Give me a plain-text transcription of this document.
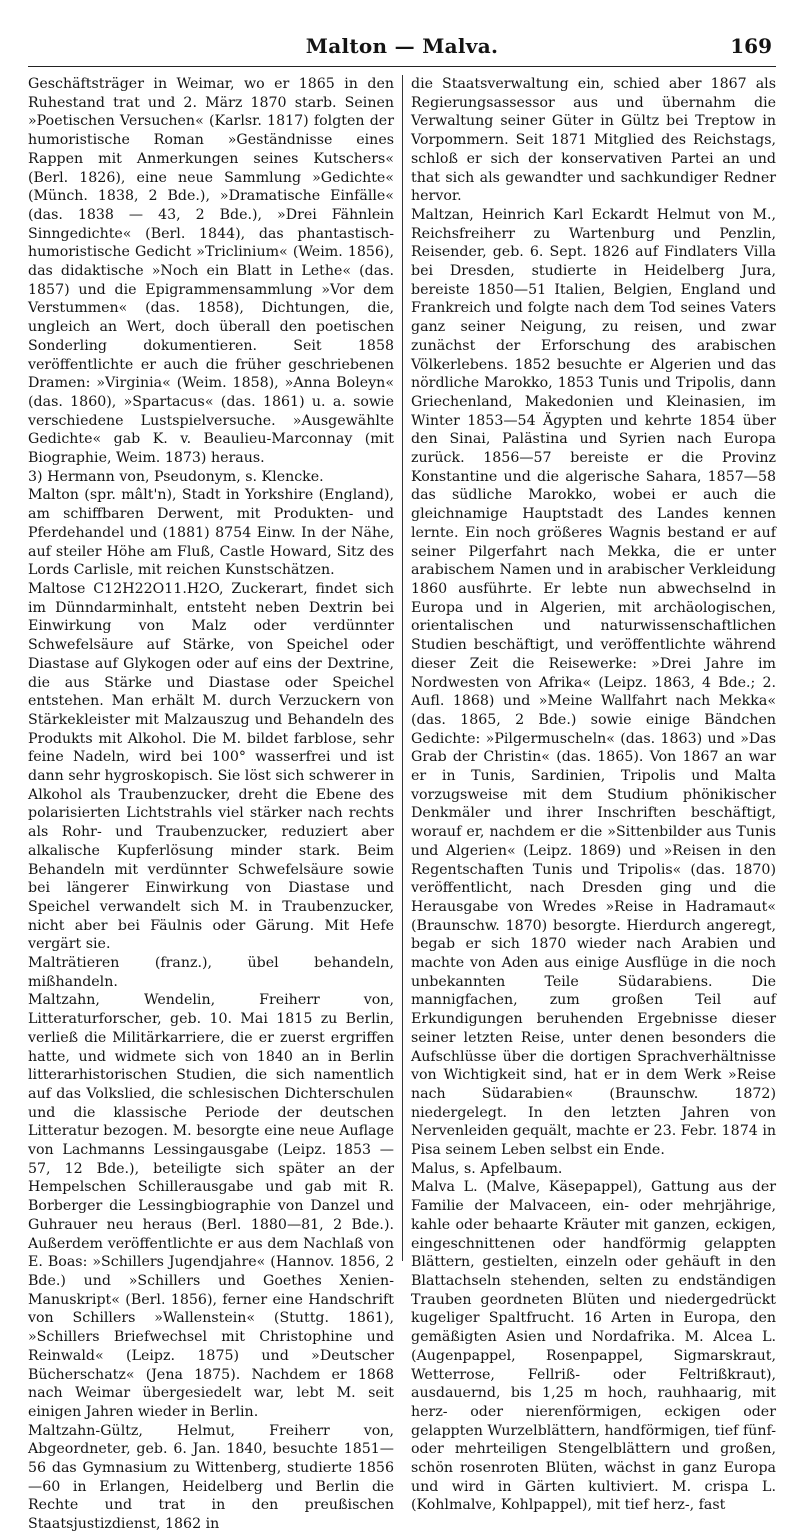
Malton — Malva.	169

Geschäftsträger in Weimar, wo er 1865 in den Ruhestand trat und 2. März 1870 starb. Seinen »Poetischen Versuchen« (Karlsr. 1817) folgten der humoristische Roman »Geständnisse eines Rappen mit Anmerkungen seines Kutschers« (Berl. 1826), eine neue Sammlung »Gedichte« (Münch. 1838, 2 Bde.), »Dramatische Einfälle« (das. 1838 — 43, 2 Bde.), »Drei Fähnlein Sinngedichte« (Berl. 1844), das phantastisch-humoristische Gedicht »Triclinium« (Weim. 1856), das didaktische »Noch ein Blatt in Lethe« (das. 1857) und die Epigrammensammlung »Vor dem Verstummen« (das. 1858), Dichtungen, die, ungleich an Wert, doch überall den poetischen Sonderling dokumentieren. Seit 1858 veröffentlichte er auch die früher geschriebenen Dramen: »Virginia« (Weim. 1858), »Anna Boleyn« (das. 1860), »Spartacus« (das. 1861) u. a. sowie verschiedene Lustspielversuche. »Ausgewählte Gedichte« gab K. v. Beaulieu-Marconnay (mit Biographie, Weim. 1873) heraus.

3) Hermann von, Pseudonym, s. Klencke.

Malton (spr. mâlt'n), Stadt in Yorkshire (England), am schiffbaren Derwent, mit Produkten- und Pferdehandel und (1881) 8754 Einw. In der Nähe, auf steiler Höhe am Fluß, Castle Howard, Sitz des Lords Carlisle, mit reichen Kunstschätzen.

Maltose C12H22O11.H2O, Zuckerart, findet sich im Dünndarminhalt, entsteht neben Dextrin bei Einwirkung von Malz oder verdünnter Schwefelsäure auf Stärke, von Speichel oder Diastase auf Glykogen oder auf eins der Dextrine, die aus Stärke und Diastase oder Speichel entstehen. Man erhält M. durch Verzuckern von Stärkekleister mit Malzauszug und Behandeln des Produkts mit Alkohol. Die M. bildet farblose, sehr feine Nadeln, wird bei 100° wasserfrei und ist dann sehr hygroskopisch. Sie löst sich schwerer in Alkohol als Traubenzucker, dreht die Ebene des polarisierten Lichtstrahls viel stärker nach rechts als Rohr- und Traubenzucker, reduziert aber alkalische Kupferlösung minder stark. Beim Behandeln mit verdünnter Schwefelsäure sowie bei längerer Einwirkung von Diastase und Speichel verwandelt sich M. in Traubenzucker, nicht aber bei Fäulnis oder Gärung. Mit Hefe vergärt sie.

Malträtieren (franz.), übel behandeln, mißhandeln.

Maltzahn, Wendelin, Freiherr von, Litteraturforscher, geb. 10. Mai 1815 zu Berlin, verließ die Militärkarriere, die er zuerst ergriffen hatte, und widmete sich von 1840 an in Berlin litterarhistorischen Studien, die sich namentlich auf das Volkslied, die schlesischen Dichterschulen und die klassische Periode der deutschen Litteratur bezogen. M. besorgte eine neue Auflage von Lachmanns Lessingausgabe (Leipz. 1853 —57, 12 Bde.), beteiligte sich später an der Hempelschen Schillerausgabe und gab mit R. Borberger die Lessingbiographie von Danzel und Guhrauer neu heraus (Berl. 1880—81, 2 Bde.). Außerdem veröffentlichte er aus dem Nachlaß von E. Boas: »Schillers Jugendjahre« (Hannov. 1856, 2 Bde.) und »Schillers und Goethes Xenien-Manuskript« (Berl. 1856), ferner eine Handschrift von Schillers »Wallenstein« (Stuttg. 1861), »Schillers Briefwechsel mit Christophine und Reinwald« (Leipz. 1875) und »Deutscher Bücherschatz« (Jena 1875). Nachdem er 1868 nach Weimar übergesiedelt war, lebt M. seit einigen Jahren wieder in Berlin.

Maltzahn-Gültz, Helmut, Freiherr von, Abgeordneter, geb. 6. Jan. 1840, besuchte 1851—56 das Gymnasium zu Wittenberg, studierte 1856—60 in Erlangen, Heidelberg und Berlin die Rechte und trat in den preußischen Staatsjustizdienst, 1862 in

die Staatsverwaltung ein, schied aber 1867 als Regierungsassessor aus und übernahm die Verwaltung seiner Güter in Gültz bei Treptow in Vorpommern. Seit 1871 Mitglied des Reichstags, schloß er sich der konservativen Partei an und that sich als gewandter und sachkundiger Redner hervor.

Maltzan, Heinrich Karl Eckardt Helmut von M., Reichsfreiherr zu Wartenburg und Penzlin, Reisender, geb. 6. Sept. 1826 auf Findlaters Villa bei Dresden, studierte in Heidelberg Jura, bereiste 1850—51 Italien, Belgien, England und Frankreich und folgte nach dem Tod seines Vaters ganz seiner Neigung, zu reisen, und zwar zunächst der Erforschung des arabischen Völkerlebens. 1852 besuchte er Algerien und das nördliche Marokko, 1853 Tunis und Tripolis, dann Griechenland, Makedonien und Kleinasien, im Winter 1853—54 Ägypten und kehrte 1854 über den Sinai, Palästina und Syrien nach Europa zurück. 1856—57 bereiste er die Provinz Konstantine und die algerische Sahara, 1857—58 das südliche Marokko, wobei er auch die gleichnamige Hauptstadt des Landes kennen lernte. Ein noch größeres Wagnis bestand er auf seiner Pilgerfahrt nach Mekka, die er unter arabischem Namen und in arabischer Verkleidung 1860 ausführte. Er lebte nun abwechselnd in Europa und in Algerien, mit archäologischen, orientalischen und naturwissenschaftlichen Studien beschäftigt, und veröffentlichte während dieser Zeit die Reisewerke: »Drei Jahre im Nordwesten von Afrika« (Leipz. 1863, 4 Bde.; 2. Aufl. 1868) und »Meine Wallfahrt nach Mekka« (das. 1865, 2 Bde.) sowie einige Bändchen Gedichte: »Pilgermuscheln« (das. 1863) und »Das Grab der Christin« (das. 1865). Von 1867 an war er in Tunis, Sardinien, Tripolis und Malta vorzugsweise mit dem Studium phönikischer Denkmäler und ihrer Inschriften beschäftigt, worauf er, nachdem er die »Sittenbilder aus Tunis und Algerien« (Leipz. 1869) und »Reisen in den Regentschaften Tunis und Tripolis« (das. 1870) veröffentlicht, nach Dresden ging und die Herausgabe von Wredes »Reise in Hadramaut« (Braunschw. 1870) besorgte. Hierdurch angeregt, begab er sich 1870 wieder nach Arabien und machte von Aden aus einige Ausflüge in die noch unbekannten Teile Südarabiens. Die mannigfachen, zum großen Teil auf Erkundigungen beruhenden Ergebnisse dieser seiner letzten Reise, unter denen besonders die Aufschlüsse über die dortigen Sprachverhältnisse von Wichtigkeit sind, hat er in dem Werk »Reise nach Südarabien« (Braunschw. 1872) niedergelegt. In den letzten Jahren von Nervenleiden gequält, machte er 23. Febr. 1874 in Pisa seinem Leben selbst ein Ende.

Malus, s. Apfelbaum.

Malva L. (Malve, Käsepappel), Gattung aus der Familie der Malvaceen, ein- oder mehrjährige, kahle oder behaarte Kräuter mit ganzen, eckigen, eingeschnittenen oder handförmig gelappten Blättern, gestielten, einzeln oder gehäuft in den Blattachseln stehenden, selten zu endständigen Trauben geordneten Blüten und niedergedrückt kugeliger Spaltfrucht. 16 Arten in Europa, den gemäßigten Asien und Nordafrika. M. Alcea L. (Augenpappel, Rosenpappel, Sigmarskraut, Wetterrose, Fellriß- oder Feltrißkraut), ausdauernd, bis 1,25 m hoch, rauhhaarig, mit herz- oder nierenförmigen, eckigen oder gelappten Wurzelblättern, handförmigen, tief fünf- oder mehrteiligen Stengelblättern und großen, schön rosenroten Blüten, wächst in ganz Europa und wird in Gärten kultiviert. M. crispa L. (Kohlmalve, Kohlpappel), mit tief herz-, fast
